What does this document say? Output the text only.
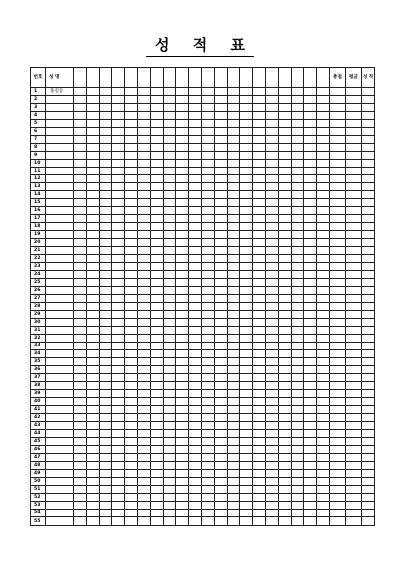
성 적 표
번호	성 명																					총점	평균	성 적
1	홍길동																							
2																								
3																								
4																								
5																								
6																								
7																								
8																								
9																								
10																								
11																								
12																								
13																								
14																								
15																								
16																								
17																								
18																								
19																								
20																								
21																								
22																								
23																								
24																								
25																								
26																								
27																								
28																								
29																								
30																								
31																								
32																								
33																								
34																								
35																								
36																								
37																								
38																								
39																								
40																								
41																								
42																								
43																								
44																								
45																								
46																								
47																								
48																								
49																								
50																								
51																								
52																								
53																								
54																								
55																								
